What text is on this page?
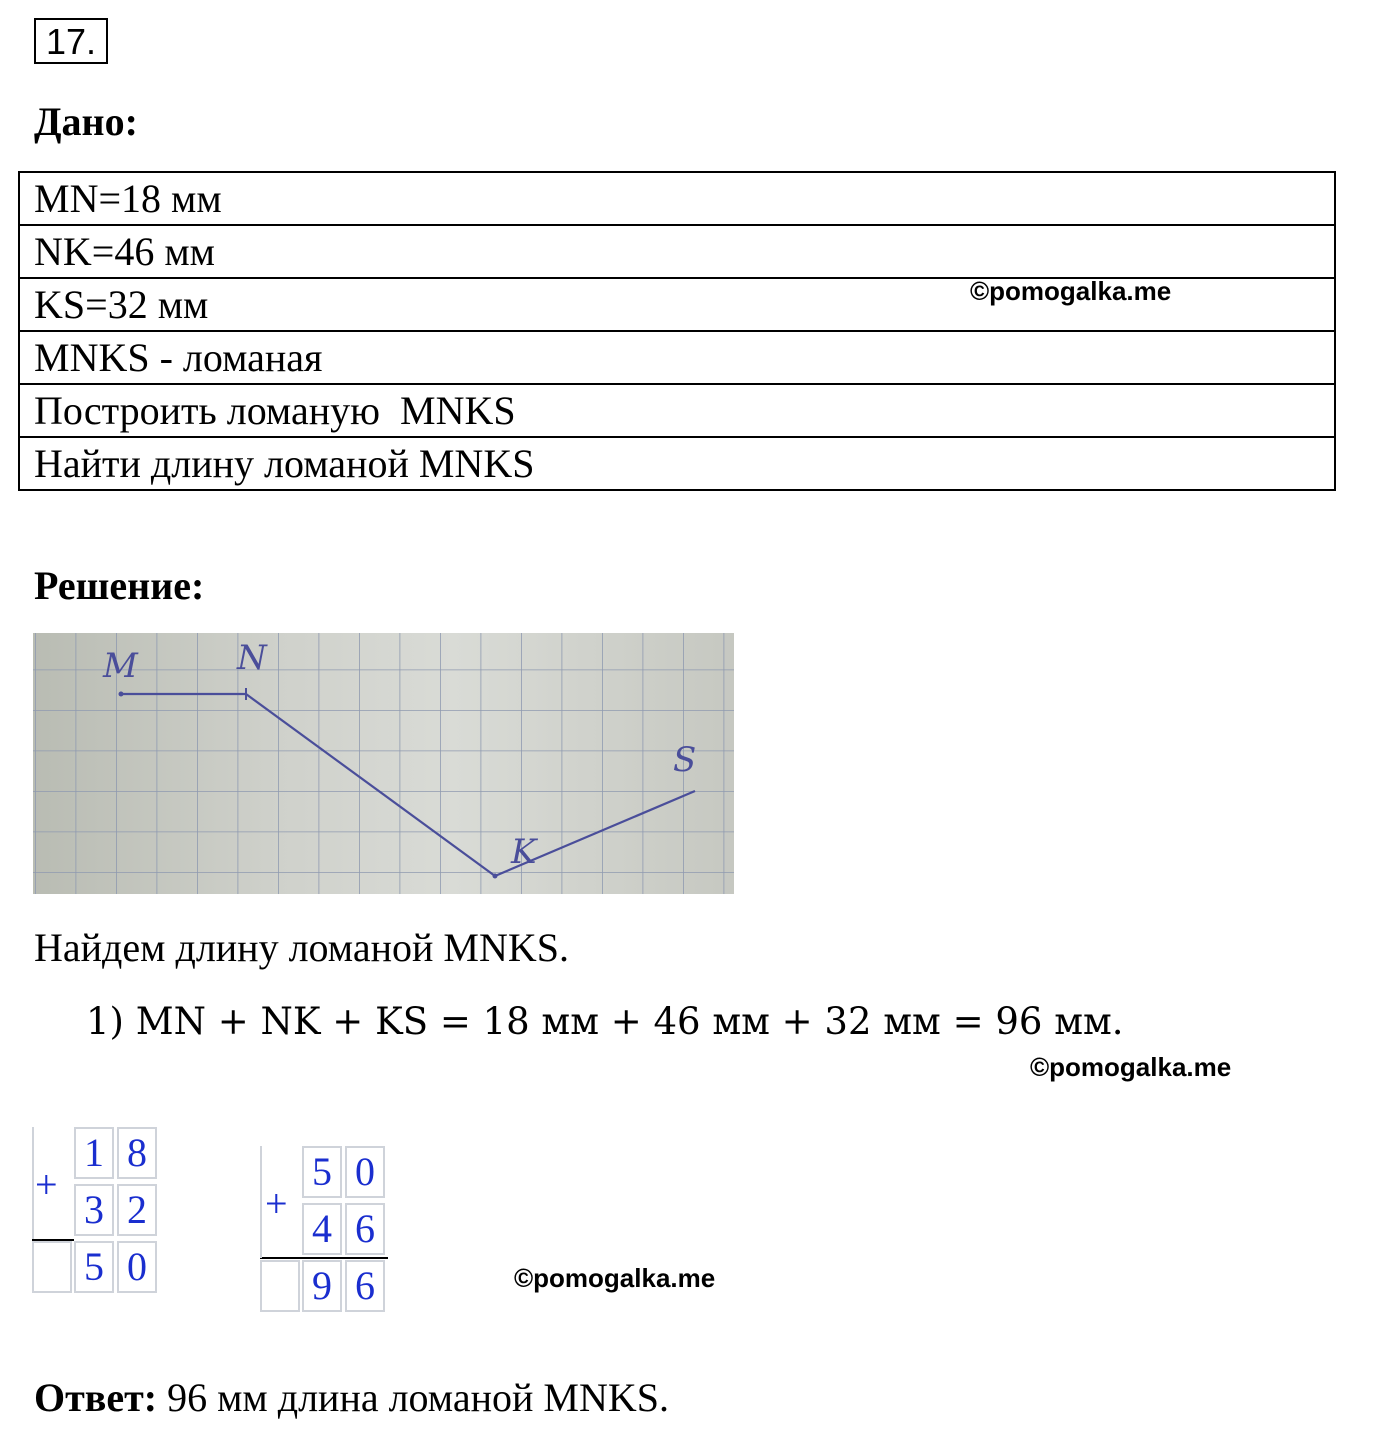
17.
Дано:
MN=18 мм
NK=46 мм
KS=32 мм
MNKS - ломаная
Построить ломаную  MNKS
Найти длину ломаной MNKS
©pomogalka.me
Решение:
M	N
K
S
Найдем длину ломаной MNKS.
1) MN + NK + KS = 18 мм + 46 мм + 32 мм = 96 мм.
©pomogalka.me
+
1 8
3 2
5 0
+
5 0
4 6
9 6	©pomogalka.me
Ответ: 96 мм длина ломаной MNKS.
